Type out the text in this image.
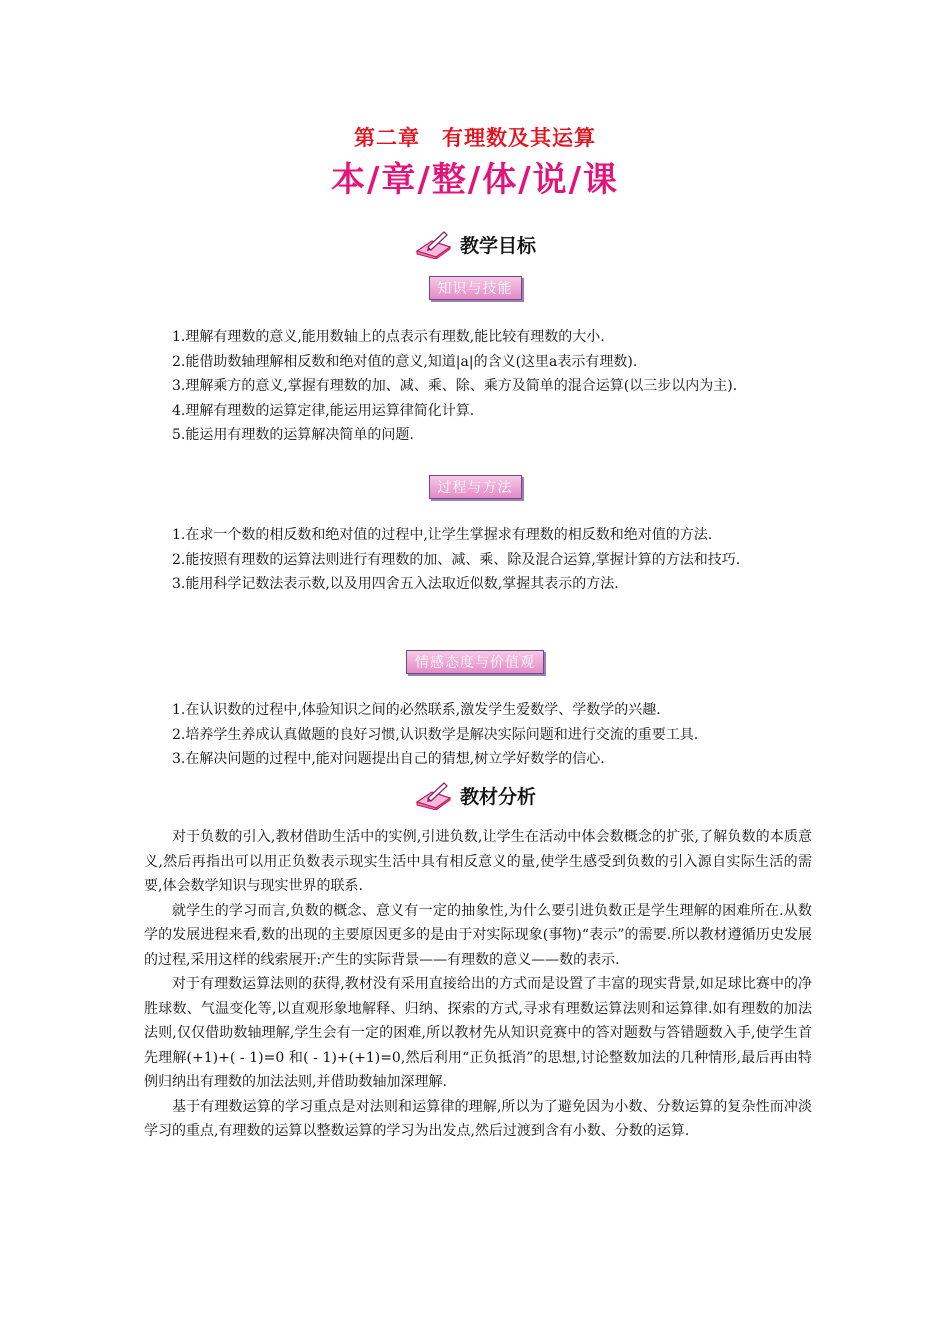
第二章　有理数及其运算
本/章/整/体/说/课
教学目标
知识与技能

1.理解有理数的意义,能用数轴上的点表示有理数,能比较有理数的大小.

2.能借助数轴理解相反数和绝对值的意义,知道|a|的含义(这里a表示有理数).

3.理解乘方的意义,掌握有理数的加、减、乘、除、乘方及简单的混合运算(以三步以内为主).

4.理解有理数的运算定律,能运用运算律简化计算.

5.能运用有理数的运算解决简单的问题.

过程与方法

1.在求一个数的相反数和绝对值的过程中,让学生掌握求有理数的相反数和绝对值的方法.

2.能按照有理数的运算法则进行有理数的加、减、乘、除及混合运算,掌握计算的方法和技巧.

3.能用科学记数法表示数,以及用四舍五入法取近似数,掌握其表示的方法.

情感态度与价值观

1.在认识数的过程中,体验知识之间的必然联系,激发学生爱数学、学数学的兴趣.

2.培养学生养成认真做题的良好习惯,认识数学是解决实际问题和进行交流的重要工具.

3.在解决问题的过程中,能对问题提出自己的猜想,树立学好数学的信心.

教材分析

对于负数的引入,教材借助生活中的实例,引进负数,让学生在活动中体会数概念的扩张,了解负数的本质意义,然后再指出可以用正负数表示现实生活中具有相反意义的量,使学生感受到负数的引入源自实际生活的需要,体会数学知识与现实世界的联系.

就学生的学习而言,负数的概念、意义有一定的抽象性,为什么要引进负数正是学生理解的困难所在.从数学的发展进程来看,数的出现的主要原因更多的是由于对实际现象(事物)“表示”的需要.所以教材遵循历史发展的过程,采用这样的线索展开:产生的实际背景——有理数的意义——数的表示.

对于有理数运算法则的获得,教材没有采用直接给出的方式而是设置了丰富的现实背景,如足球比赛中的净胜球数、气温变化等,以直观形象地解释、归纳、探索的方式,寻求有理数运算法则和运算律.如有理数的加法法则,仅仅借助数轴理解,学生会有一定的困难,所以教材先从知识竞赛中的答对题数与答错题数入手,使学生首先理解(+1)+( - 1)=0 和( - 1)+(+1)=0,然后利用“正负抵消”的思想,讨论整数加法的几种情形,最后再由特例归纳出有理数的加法法则,并借助数轴加深理解.

基于有理数运算的学习重点是对法则和运算律的理解,所以为了避免因为小数、分数运算的复杂性而冲淡学习的重点,有理数的运算以整数运算的学习为出发点,然后过渡到含有小数、分数的运算.
